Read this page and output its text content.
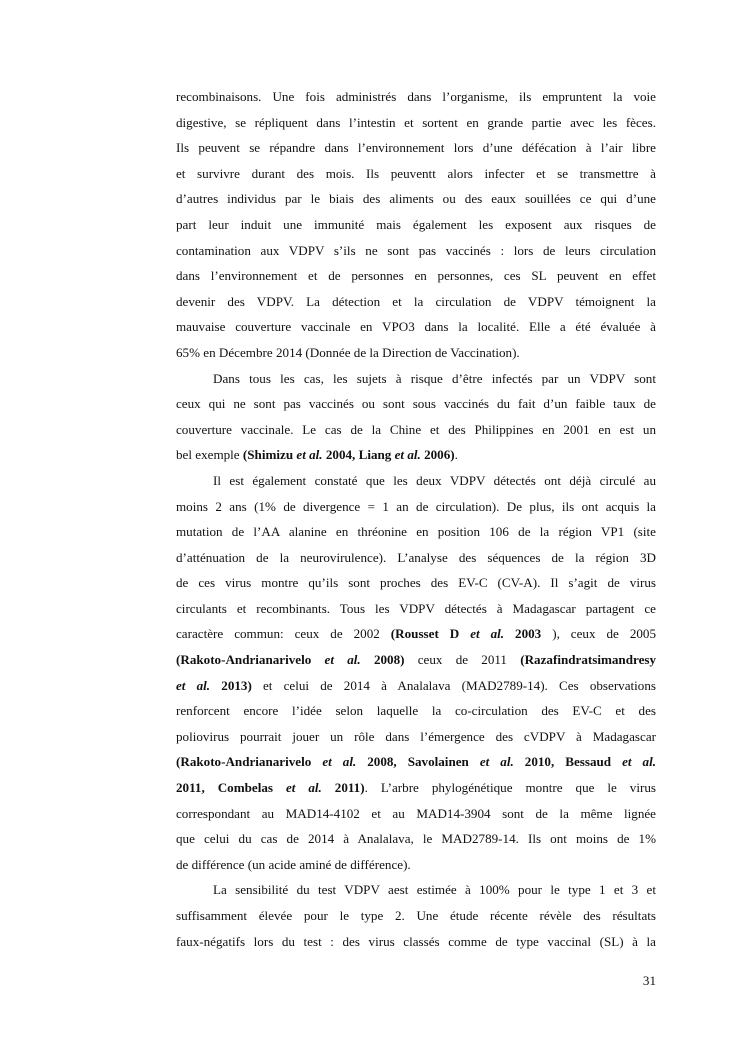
recombinaisons. Une fois administrés dans l’organisme, ils empruntent la voie
digestive, se répliquent dans l’intestin et sortent en grande partie avec les fèces.
Ils peuvent se répandre dans l’environnement lors d’une défécation à l’air libre
et survivre durant des mois. Ils peuventt alors infecter et se transmettre à
d’autres individus par le biais des aliments ou des eaux souillées ce qui d’une
part leur induit une immunité mais également les exposent aux risques de
contamination aux VDPV s’ils ne sont pas vaccinés : lors de leurs circulation
dans l’environnement et de personnes en personnes, ces SL peuvent en effet
devenir des VDPV. La détection et la circulation de VDPV témoignent la
mauvaise couverture vaccinale en VPO3 dans la localité. Elle a été évaluée à
65% en Décembre 2014 (Donnée de la Direction de Vaccination).
Dans tous les cas, les sujets à risque d’être infectés par un VDPV sont
ceux qui ne sont pas vaccinés ou sont sous vaccinés du fait d’un faible taux de
couverture vaccinale. Le cas de la Chine et des Philippines en 2001 en est un
bel exemple (Shimizu et al. 2004, Liang et al. 2006).
Il est également constaté que les deux VDPV détectés ont déjà circulé au
moins 2 ans (1% de divergence = 1 an de circulation). De plus, ils ont acquis la
mutation de l’AA alanine en thréonine en position 106 de la région VP1 (site
d’atténuation de la neurovirulence). L’analyse des séquences de la région 3D
de ces virus montre qu’ils sont proches des EV-C (CV-A). Il s’agit de virus
circulants et recombinants. Tous les VDPV détectés à Madagascar partagent ce
caractère commun: ceux de 2002 (Rousset D et al. 2003 ), ceux de 2005
(Rakoto-Andrianarivelo et al. 2008) ceux de 2011 (Razafindratsimandresy
et al. 2013) et celui de 2014 à Analalava (MAD2789-14). Ces observations
renforcent encore l’idée selon laquelle la co-circulation des EV-C et des
poliovirus pourrait jouer un rôle dans l’émergence des cVDPV à Madagascar
(Rakoto-Andrianarivelo et al. 2008, Savolainen et al. 2010, Bessaud et al.
2011, Combelas et al. 2011). L’arbre phylogénétique montre que le virus
correspondant au MAD14-4102 et au MAD14-3904 sont de la même lignée
que celui du cas de 2014 à Analalava, le MAD2789-14. Ils ont moins de 1%
de différence (un acide aminé de différence).
La sensibilité du test VDPV aest estimée à 100% pour le type 1 et 3 et
suffisamment élevée pour le type 2. Une étude récente révèle des résultats
faux-négatifs lors du test : des virus classés comme de type vaccinal (SL) à la
31
